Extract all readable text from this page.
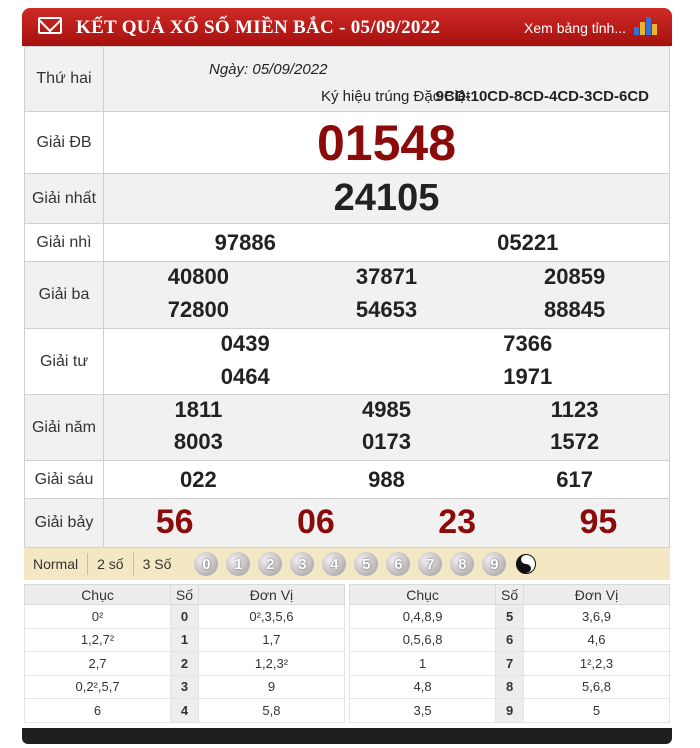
KẾT QUẢ XỔ SỐ MIỀN BẮC - 05/09/2022	Xem bảng tỉnh...
Thứ hai
Ngày: 05/09/2022
Ký hiệu trúng Đặc Biệt:
9CD-10CD-8CD-4CD-3CD-6CD
Giải ĐB	01548
Giải nhất	24105
Giải nhì	97886	05221
Giải ba
40800	37871	20859
72800	54653	88845
Giải tư
0439	7366
0464	1971
Giải năm
1811	4985	1123
8003	0173	1572
Giải sáu	022	988	617
Giải bảy	56	06	23	95
Normal	2 số	3 Số	0	1	2	3	4	5	6	7	8	9
Chục	Số	Đơn Vị
0²	0	0²,3,5,6
1,2,7²	1	1,7
2,7	2	1,2,3²
0,2²,5,7	3	9
6	4	5,8
Chục	Số	Đơn Vị
0,4,8,9	5	3,6,9
0,5,6,8	6	4,6
1	7	1²,2,3
4,8	8	5,6,8
3,5	9	5
